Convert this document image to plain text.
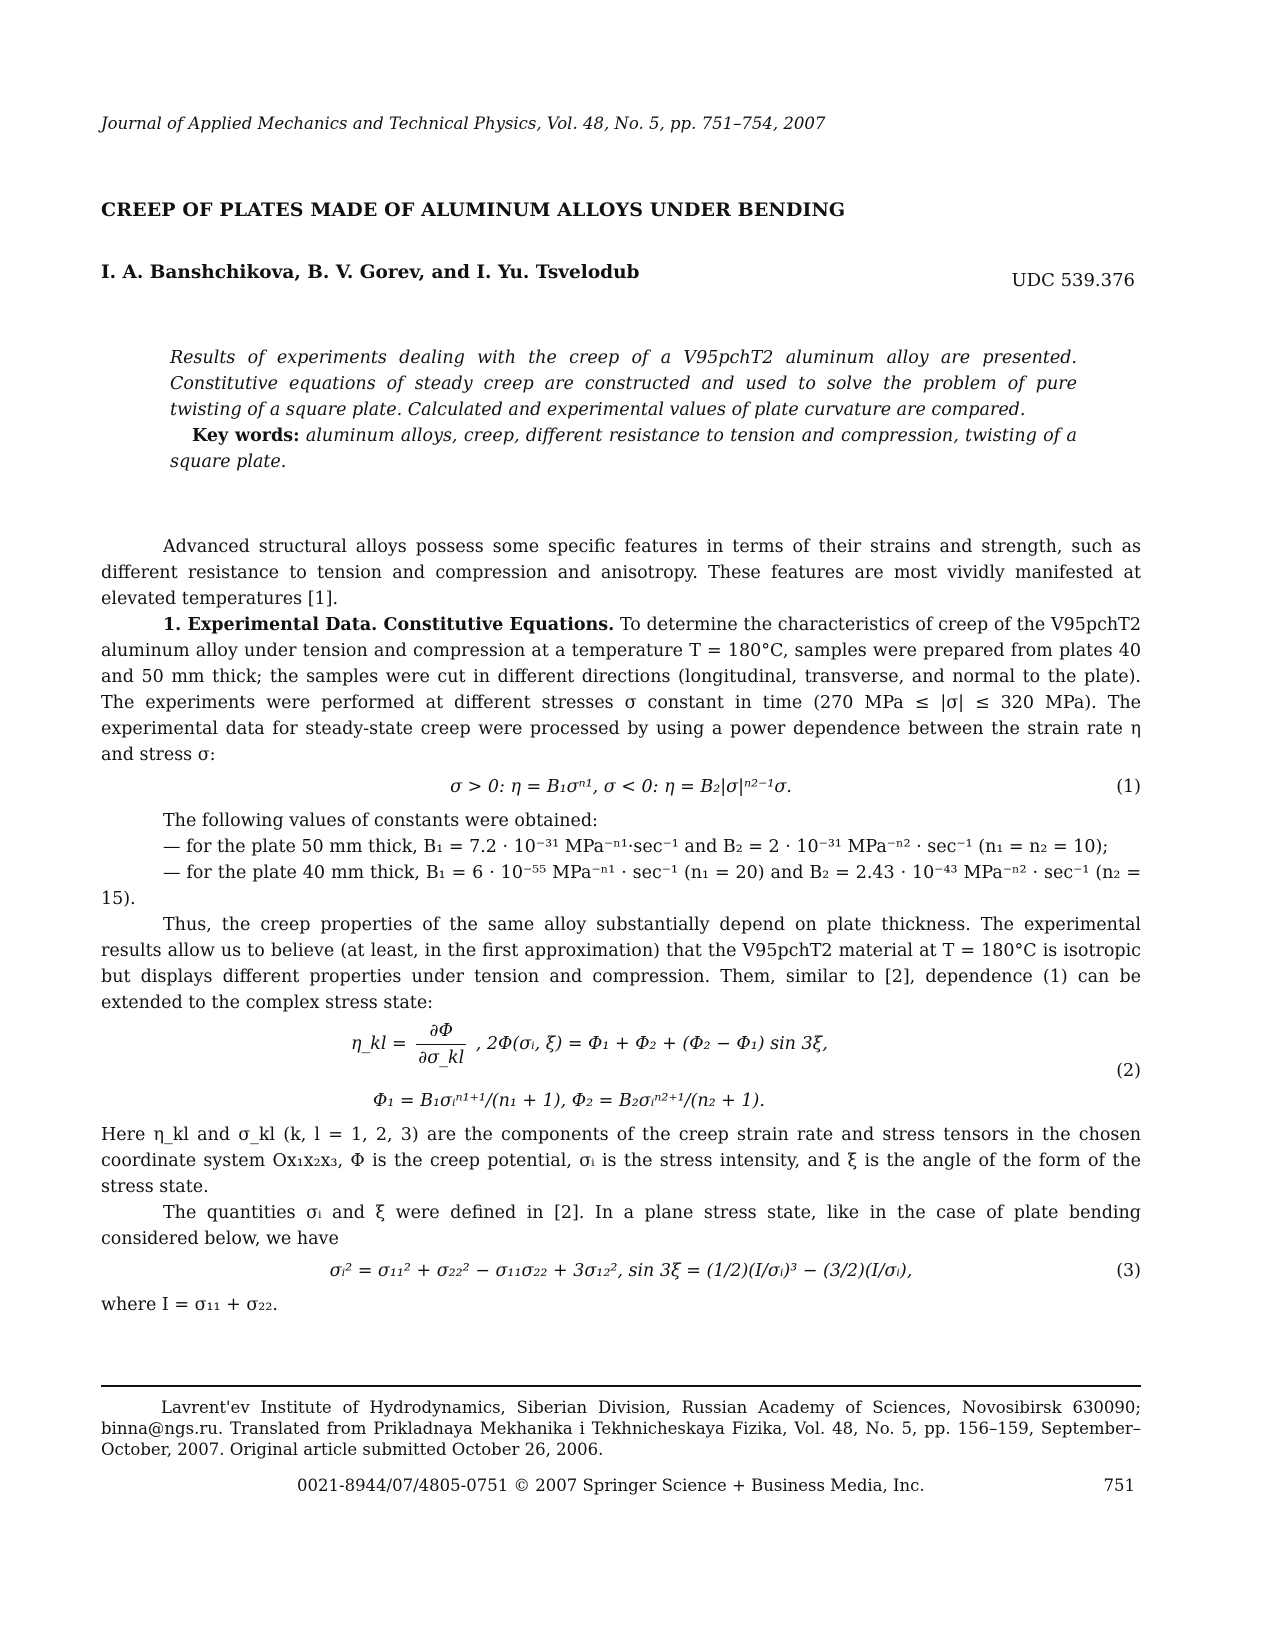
Journal of Applied Mechanics and Technical Physics, Vol. 48, No. 5, pp. 751–754, 2007
CREEP OF PLATES MADE OF ALUMINUM ALLOYS UNDER BENDING
I. A. Banshchikova, B. V. Gorev, and I. Yu. Tsvelodub	UDC 539.376

Results of experiments dealing with the creep of a V95pchT2 aluminum alloy are presented. Constitutive equations of steady creep are constructed and used to solve the problem of pure twisting of a square plate. Calculated and experimental values of plate curvature are compared.

Key words: aluminum alloys, creep, different resistance to tension and compression, twisting of a square plate.

Advanced structural alloys possess some specific features in terms of their strains and strength, such as different resistance to tension and compression and anisotropy. These features are most vividly manifested at elevated temperatures [1].

1. Experimental Data. Constitutive Equations. To determine the characteristics of creep of the V95pchT2 aluminum alloy under tension and compression at a temperature T = 180°C, samples were prepared from plates 40 and 50 mm thick; the samples were cut in different directions (longitudinal, transverse, and normal to the plate). The experiments were performed at different stresses σ constant in time (270 MPa ≤ |σ| ≤ 320 MPa). The experimental data for steady-state creep were processed by using a power dependence between the strain rate η and stress σ:

σ > 0: η = B₁σⁿ¹, σ < 0: η = B₂|σ|ⁿ²⁻¹σ.	(1)

The following values of constants were obtained:

— for the plate 50 mm thick, B₁ = 7.2 · 10⁻³¹ MPa⁻ⁿ¹·sec⁻¹ and B₂ = 2 · 10⁻³¹ MPa⁻ⁿ² · sec⁻¹ (n₁ = n₂ = 10);

— for the plate 40 mm thick, B₁ = 6 · 10⁻⁵⁵ MPa⁻ⁿ¹ · sec⁻¹ (n₁ = 20) and B₂ = 2.43 · 10⁻⁴³ MPa⁻ⁿ² · sec⁻¹ (n₂ = 15).

Thus, the creep properties of the same alloy substantially depend on plate thickness. The experimental results allow us to believe (at least, in the first approximation) that the V95pchT2 material at T = 180°C is isotropic but displays different properties under tension and compression. Them, similar to [2], dependence (1) can be extended to the complex stress state:

η_kl = $\frac{\partial\Phi}{\partial\sigma\_kl}$ , 2Φ(σᵢ, ξ) = Φ₁ + Φ₂ + (Φ₂ − Φ₁) sin 3ξ,
Φ₁ = B₁σᵢⁿ¹⁺¹/(n₁ + 1), Φ₂ = B₂σᵢⁿ²⁺¹/(n₂ + 1).
(2)

Here η_kl and σ_kl (k, l = 1, 2, 3) are the components of the creep strain rate and stress tensors in the chosen coordinate system Ox₁x₂x₃, Φ is the creep potential, σᵢ is the stress intensity, and ξ is the angle of the form of the stress state.

The quantities σᵢ and ξ were defined in [2]. In a plane stress state, like in the case of plate bending considered below, we have

σᵢ² = σ₁₁² + σ₂₂² − σ₁₁σ₂₂ + 3σ₁₂², sin 3ξ = (1/2)(I/σᵢ)³ − (3/2)(I/σᵢ),	(3)

where I = σ₁₁ + σ₂₂.

Lavrent'ev Institute of Hydrodynamics, Siberian Division, Russian Academy of Sciences, Novosibirsk 630090; binna@ngs.ru. Translated from Prikladnaya Mekhanika i Tekhnicheskaya Fizika, Vol. 48, No. 5, pp. 156–159, September–October, 2007. Original article submitted October 26, 2006.
0021-8944/07/4805-0751 © 2007 Springer Science + Business Media, Inc.	751
